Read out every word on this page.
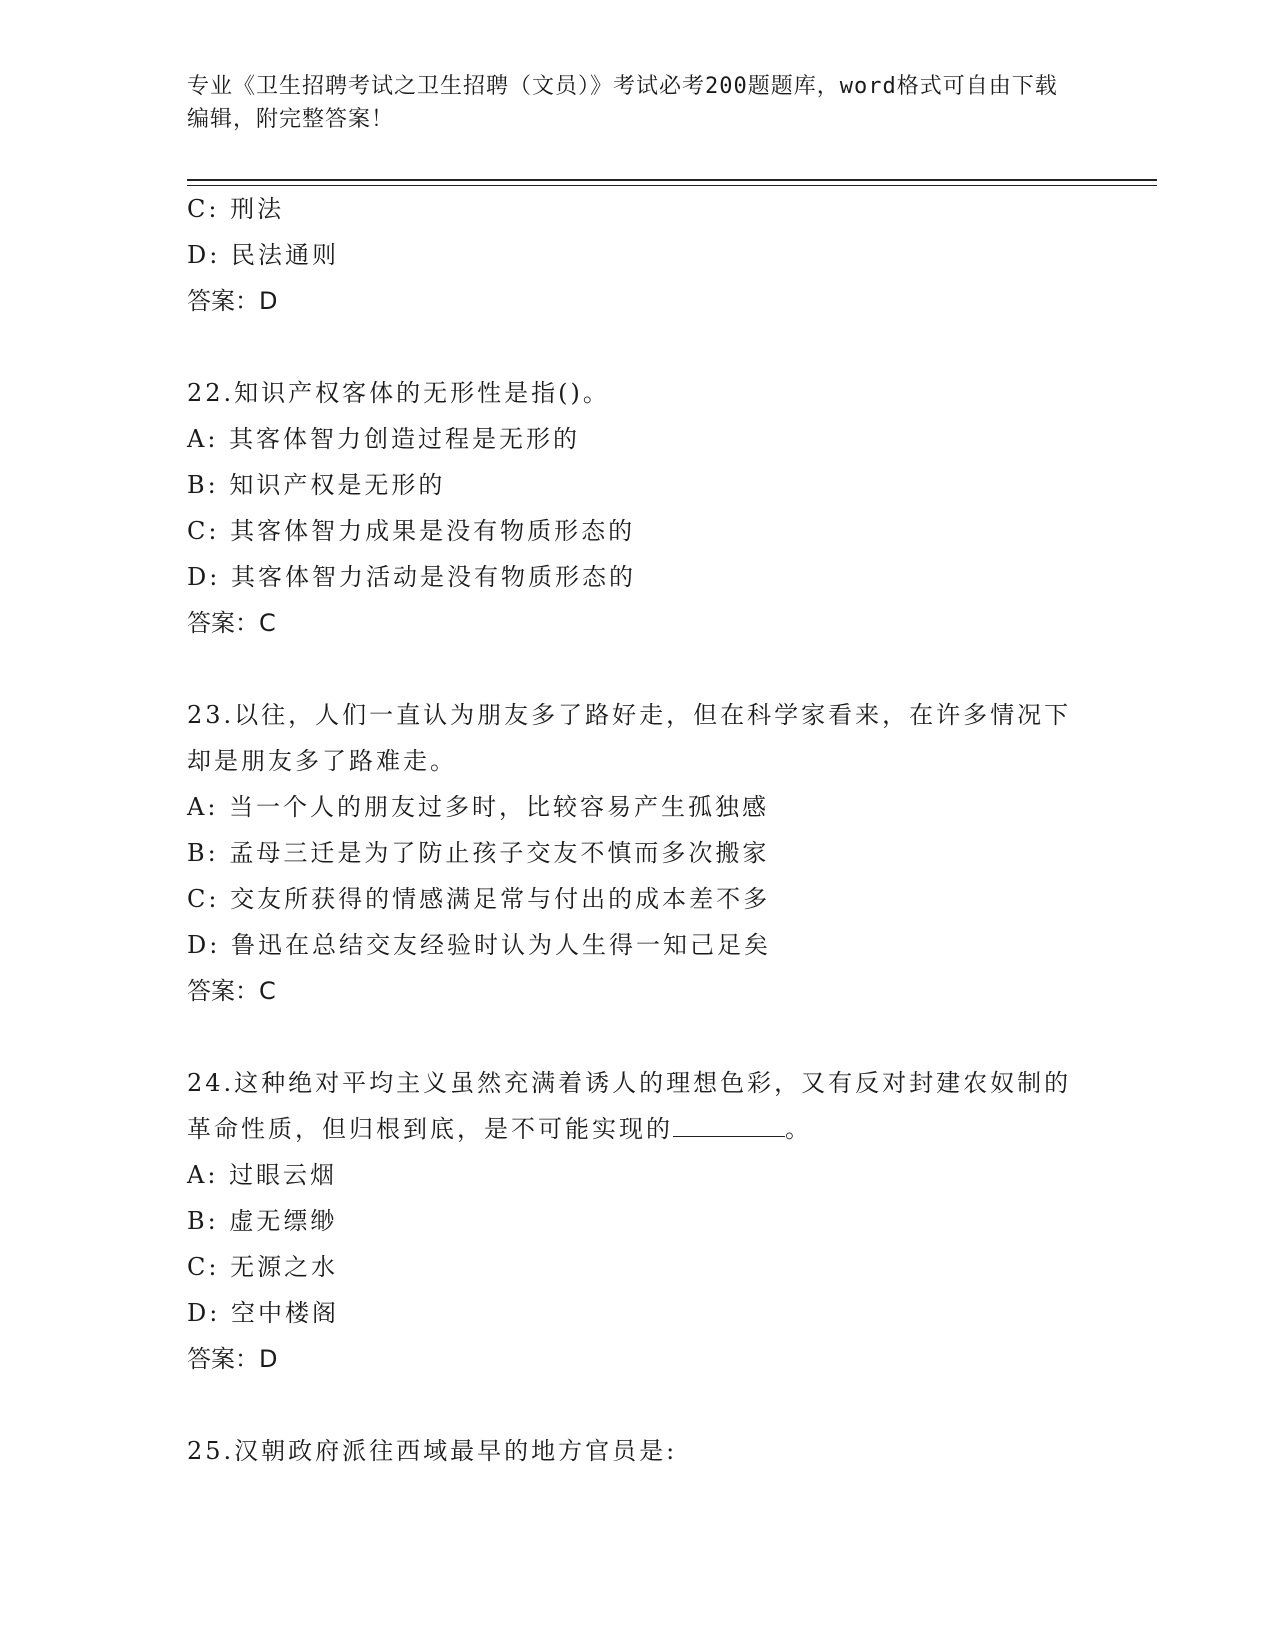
专业《卫生招聘考试之卫生招聘（文员）》考试必考200题题库，word格式可自由下载编辑，附完整答案！
C: 刑法
D: 民法通则
答案：D
22.知识产权客体的无形性是指()。
A: 其客体智力创造过程是无形的
B: 知识产权是无形的
C: 其客体智力成果是没有物质形态的
D: 其客体智力活动是没有物质形态的
答案：C
23.以往，人们一直认为朋友多了路好走，但在科学家看来，在许多情况下却是朋友多了路难走。
A: 当一个人的朋友过多时，比较容易产生孤独感
B: 孟母三迁是为了防止孩子交友不慎而多次搬家
C: 交友所获得的情感满足常与付出的成本差不多
D: 鲁迅在总结交友经验时认为人生得一知己足矣
答案：C
24.这种绝对平均主义虽然充满着诱人的理想色彩，又有反对封建农奴制的革命性质，但归根到底，是不可能实现的	。
A: 过眼云烟
B: 虚无缥缈
C: 无源之水
D: 空中楼阁
答案：D
25.汉朝政府派往西域最早的地方官员是:
